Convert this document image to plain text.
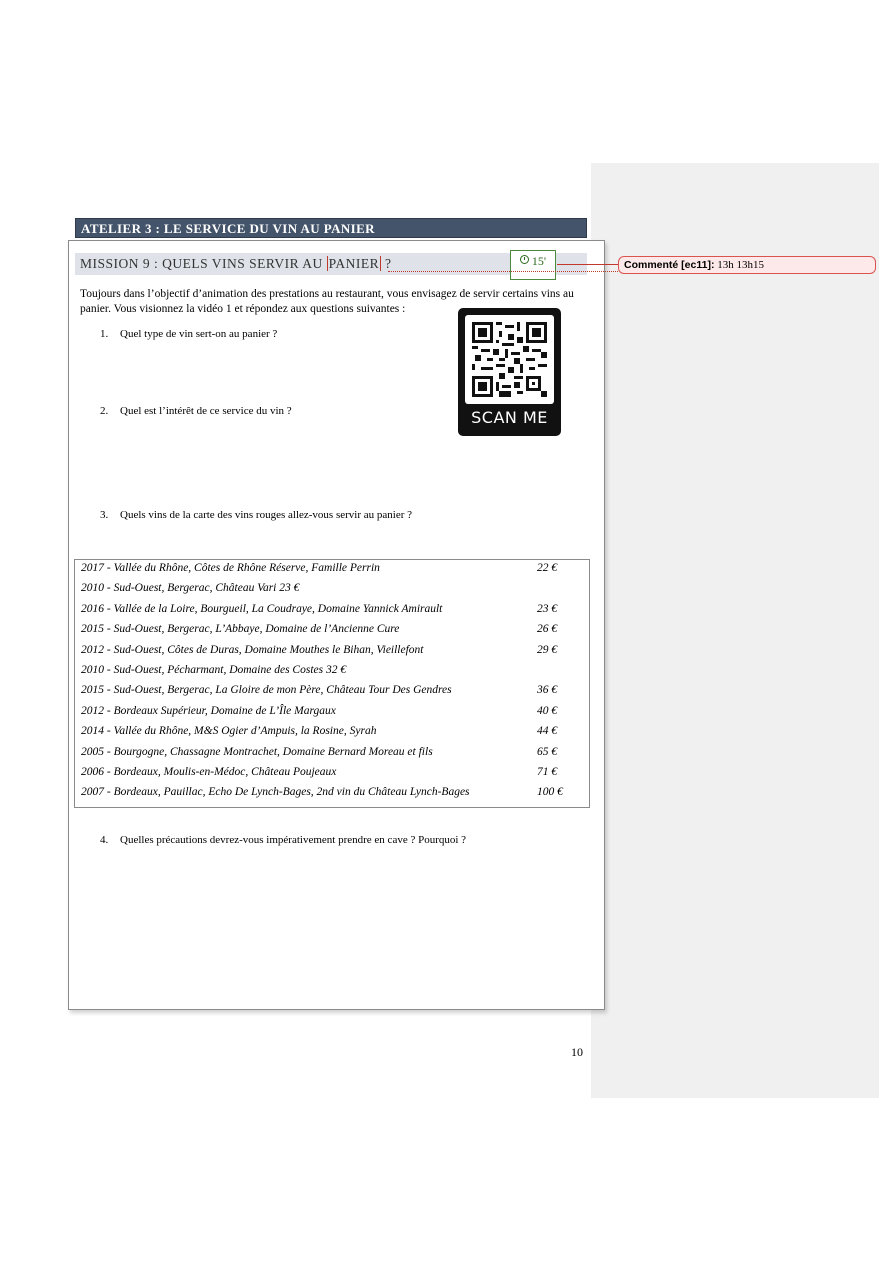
ATELIER 3 : LE SERVICE DU VIN AU PANIER
MISSION 9 : QUELS VINS SERVIR AU PANIER ?	15'	Commenté [ec11]: 13h 13h15
Toujours dans l’objectif d’animation des prestations au restaurant, vous envisagez de servir certains vins au panier. Vous visionnez la vidéo 1 et répondez aux questions suivantes :
1. Quel type de vin sert-on au panier ?
2. Quel est l’intérêt de ce service du vin ?
3. Quels vins de la carte des vins rouges allez-vous servir au panier ?
4. Quelles précautions devrez-vous impérativement prendre en cave ? Pourquoi ?
SCAN ME
2017 - Vallée du Rhône, Côtes de Rhône Réserve, Famille Perrin	22 €
2010 - Sud-Ouest, Bergerac, Château Vari 23 €
2016 - Vallée de la Loire, Bourgueil, La Coudraye, Domaine Yannick Amirault	23 €
2015 - Sud-Ouest, Bergerac, L’Abbaye, Domaine de l’Ancienne Cure	26 €
2012 - Sud-Ouest, Côtes de Duras, Domaine Mouthes le Bihan, Vieillefont	29 €
2010 - Sud-Ouest, Pécharmant, Domaine des Costes 32 €
2015 - Sud-Ouest, Bergerac, La Gloire de mon Père, Château Tour Des Gendres	36 €
2012 - Bordeaux Supérieur, Domaine de L’Île Margaux	40 €
2014 - Vallée du Rhône, M&S Ogier d’Ampuis, la Rosine, Syrah	44 €
2005 - Bourgogne, Chassagne Montrachet, Domaine Bernard Moreau et fils	65 €
2006 - Bordeaux, Moulis-en-Médoc, Château Poujeaux	71 €
2007 - Bordeaux, Pauillac, Echo De Lynch-Bages, 2nd vin du Château Lynch-Bages	100 €
10
